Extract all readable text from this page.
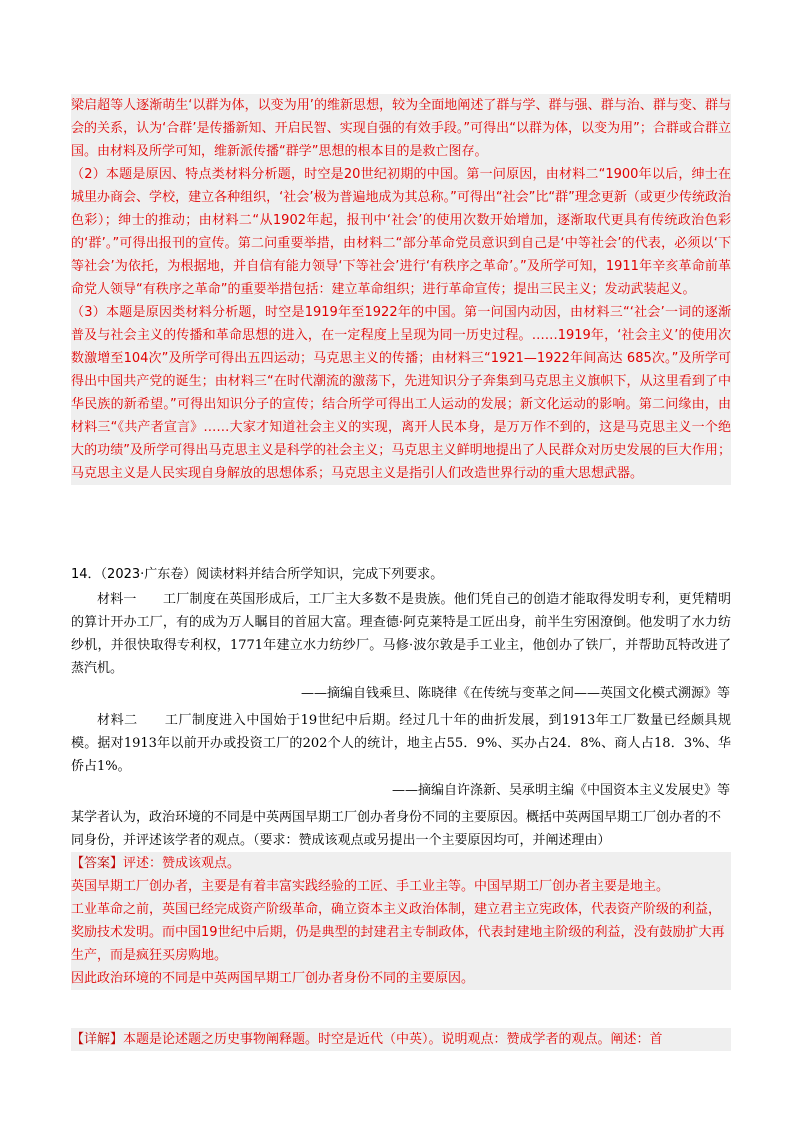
梁启超等人逐渐萌生‘以群为体，以变为用’的维新思想，较为全面地阐述了群与学、群与强、群与治、群与变、群与会的关系，认为‘合群’是传播新知、开启民智、实现自强的有效手段。”可得出“以群为体，以变为用”；合群或合群立国。由材料及所学可知，维新派传播“群学”思想的根本目的是救亡图存。

（2）本题是原因、特点类材料分析题，时空是20世纪初期的中国。第一问原因，由材料二“1900年以后，绅士在城里办商会、学校，建立各种组织，‘社会’极为普遍地成为其总称。”可得出“社会”比“群”理念更新（或更少传统政治色彩）；绅士的推动；由材料二“从1902年起，报刊中‘社会’的使用次数开始增加，逐渐取代更具有传统政治色彩的‘群’。”可得出报刊的宣传。第二问重要举措，由材料二“部分革命党员意识到自己是‘中等社会’的代表，必须以‘下等社会’为依托，为根据地，并自信有能力领导‘下等社会’进行‘有秩序之革命’。”及所学可知，1911年辛亥革命前革命党人领导“有秩序之革命”的重要举措包括：建立革命组织；进行革命宣传；提出三民主义；发动武装起义。

（3）本题是原因类材料分析题，时空是1919年至1922年的中国。第一问国内动因，由材料三“‘社会’一词的逐渐普及与社会主义的传播和革命思想的进入，在一定程度上呈现为同一历史过程。……1919年，‘社会主义’的使用次数激增至104次”及所学可得出五四运动；马克思主义的传播；由材料三“1921—1922年间高达 685次。”及所学可得出中国共产党的诞生；由材料三“在时代潮流的激荡下，先进知识分子奔集到马克思主义旗帜下，从这里看到了中华民族的新希望。”可得出知识分子的宣传；结合所学可得出工人运动的发展；新文化运动的影响。第二问缘由，由材料三“《共产者宣言》……大家才知道社会主义的实现，离开人民本身，是万万作不到的，这是马克思主义一个绝大的功绩”及所学可得出马克思主义是科学的社会主义；马克思主义鲜明地提出了人民群众对历史发展的巨大作用；马克思主义是人民实现自身解放的思想体系；马克思主义是指引人们改造世界行动的重大思想武器。

14．（2023·广东卷）阅读材料并结合所学知识，完成下列要求。

材料一　　工厂制度在英国形成后，工厂主大多数不是贵族。他们凭自己的创造才能取得发明专利，更凭精明的算计开办工厂，有的成为万人瞩目的首屈大富。理查德·阿克莱特是工匠出身，前半生穷困潦倒。他发明了水力纺纱机，并很快取得专利权，1771年建立水力纺纱厂。马修·波尔敦是手工业主，他创办了铁厂，并帮助瓦特改进了蒸汽机。

——摘编自钱乘旦、陈晓律《在传统与变革之间——英国文化模式溯源》等

材料二　　工厂制度进入中国始于19世纪中后期。经过几十年的曲折发展，到1913年工厂数量已经颇具规模。据对1913年以前开办或投资工厂的202个人的统计，地主占55．9%、买办占24．8%、商人占18．3%、华侨占1%。

——摘编自许涤新、吴承明主编《中国资本主义发展史》等

某学者认为，政治环境的不同是中英两国早期工厂创办者身份不同的主要原因。概括中英两国早期工厂创办者的不同身份，并评述该学者的观点。（要求：赞成该观点或另提出一个主要原因均可，并阐述理由）

【答案】评述：赞成该观点。

英国早期工厂创办者，主要是有着丰富实践经验的工匠、手工业主等。中国早期工厂创办者主要是地主。

工业革命之前，英国已经完成资产阶级革命，确立资本主义政治体制，建立君主立宪政体，代表资产阶级的利益，奖励技术发明。而中国19世纪中后期，仍是典型的封建君主专制政体，代表封建地主阶级的利益，没有鼓励扩大再生产，而是疯狂买房购地。

因此政治环境的不同是中英两国早期工厂创办者身份不同的主要原因。

【详解】本题是论述题之历史事物阐释题。时空是近代（中英）。说明观点：赞成学者的观点。阐述：首
